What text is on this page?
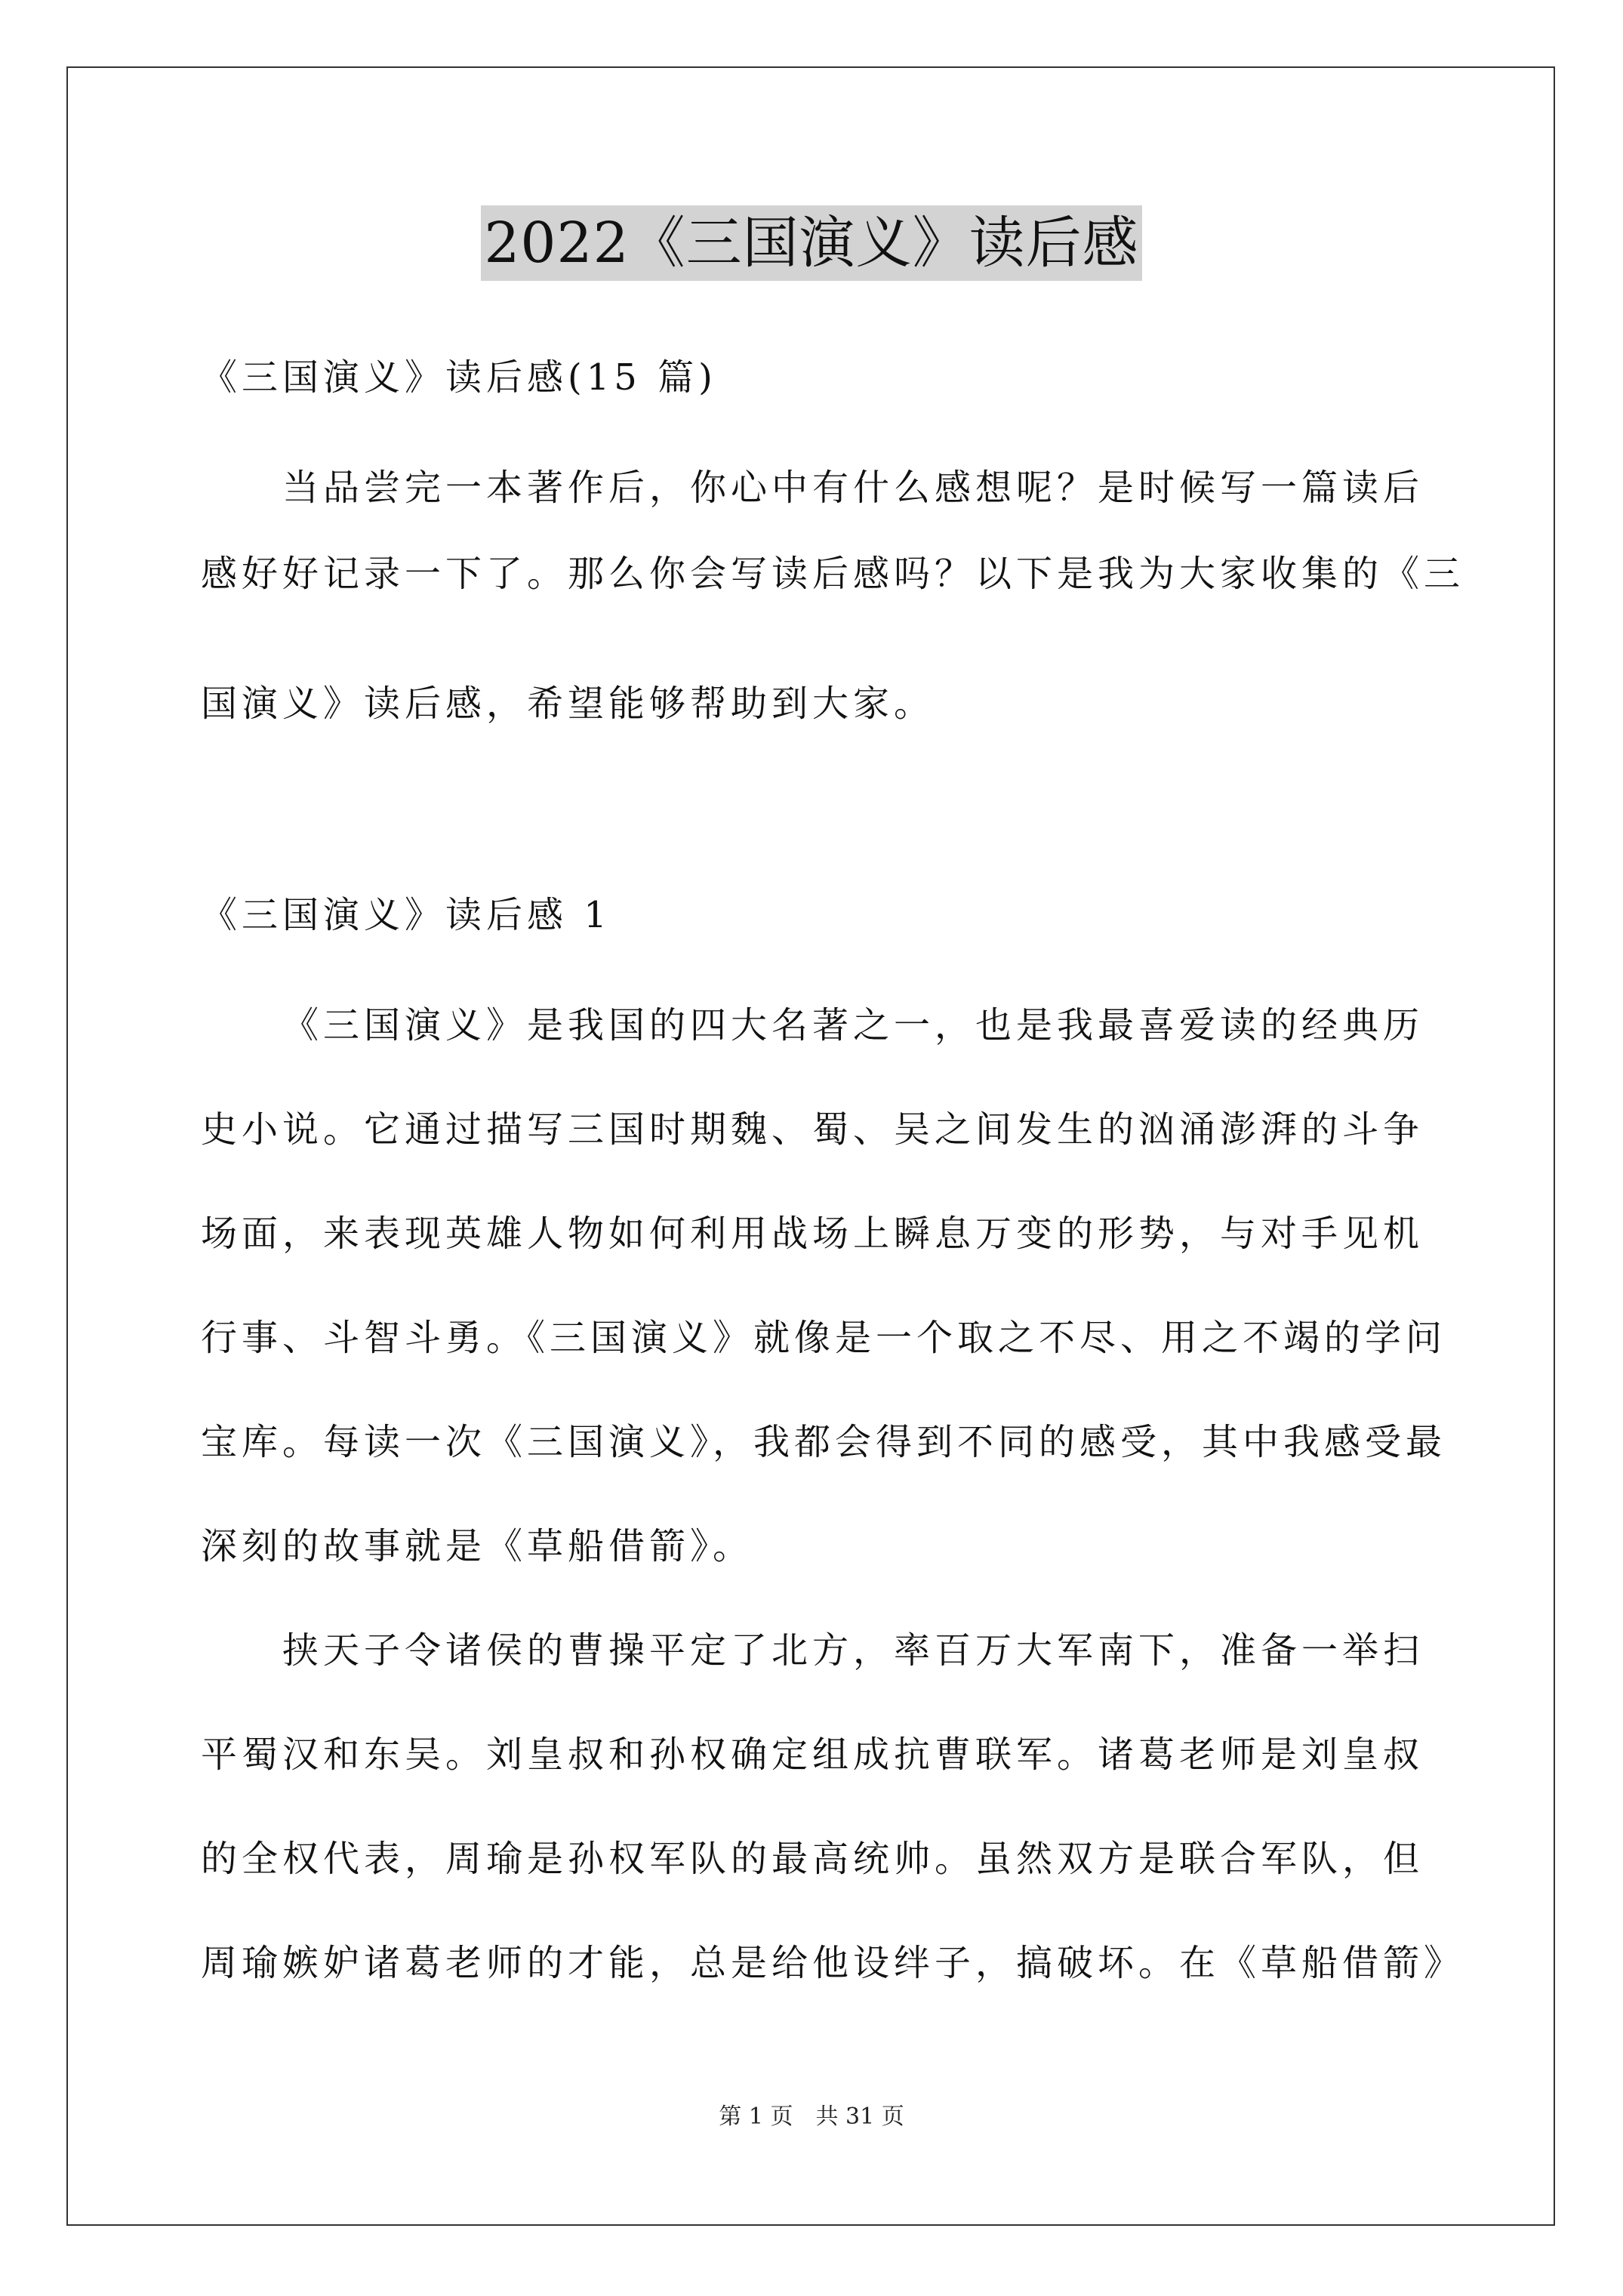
2022《三国演义》读后感
《三国演义》读后感(15 篇)
当品尝完一本著作后，你心中有什么感想呢？是时候写一篇读后
感好好记录一下了。那么你会写读后感吗？以下是我为大家收集的《三
国演义》读后感，希望能够帮助到大家。
《三国演义》读后感 1
《三国演义》是我国的四大名著之一，也是我最喜爱读的经典历
史小说。它通过描写三国时期魏、蜀、吴之间发生的汹涌澎湃的斗争
场面，来表现英雄人物如何利用战场上瞬息万变的形势，与对手见机
行事、斗智斗勇。《三国演义》就像是一个取之不尽、用之不竭的学问
宝库。每读一次《三国演义》，我都会得到不同的感受，其中我感受最
深刻的故事就是《草船借箭》。
挟天子令诸侯的曹操平定了北方，率百万大军南下，准备一举扫
平蜀汉和东吴。刘皇叔和孙权确定组成抗曹联军。诸葛老师是刘皇叔
的全权代表，周瑜是孙权军队的最高统帅。虽然双方是联合军队，但
周瑜嫉妒诸葛老师的才能，总是给他设绊子，搞破坏。在《草船借箭》
第 1 页　共 31 页
